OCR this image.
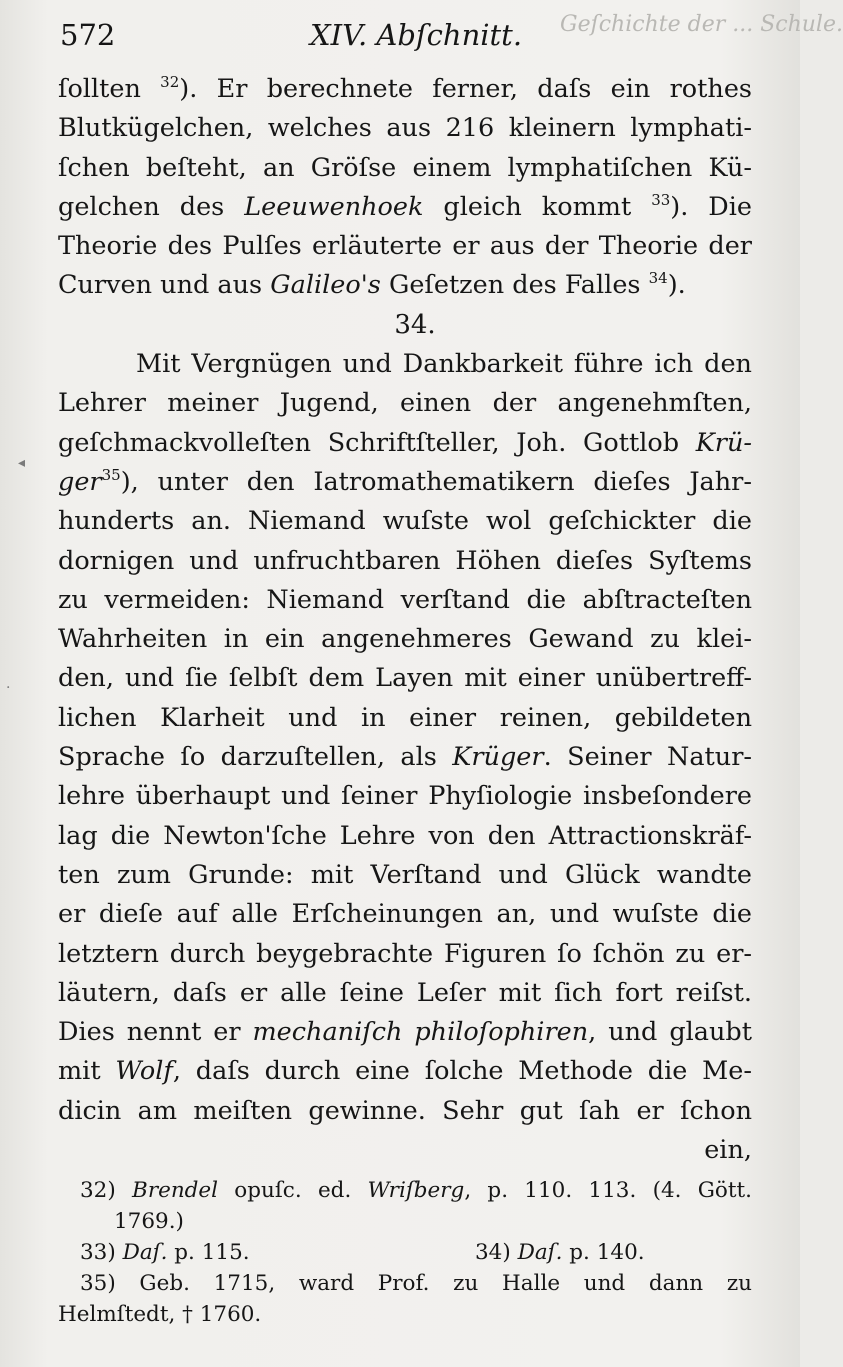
572	XIV. Abſchnitt. Geſchichte der ... Schule.
◂
·
ſollten $^{32}$). Er berechnete ferner, daſs ein rothes
Blutkügelchen, welches aus 216 kleinern lymphati-
ſchen beſteht, an Gröſse einem lymphatiſchen Kü-
gelchen des Leeuwenhoek gleich kommt $^{33}$). Die
Theorie des Pulſes erläuterte er aus der Theorie der
Curven und aus Galileo's Geſetzen des Falles $^{34}$).
34.
Mit Vergnügen und Dankbarkeit führe ich den
Lehrer meiner Jugend, einen der angenehmſten,
geſchmackvolleſten Schriftſteller, Joh. Gottlob Krü-
ger$^{35}$), unter den Iatromathematikern dieſes Jahr-
hunderts an. Niemand wuſste wol geſchickter die
dornigen und unfruchtbaren Höhen dieſes Syſtems
zu vermeiden: Niemand verſtand die abſtracteſten
Wahrheiten in ein angenehmeres Gewand zu klei-
den, und ſie ſelbſt dem Layen mit einer unübertreff-
lichen Klarheit und in einer reinen, gebildeten
Sprache ſo darzuſtellen, als Krüger. Seiner Natur-
lehre überhaupt und ſeiner Phyſiologie insbeſondere
lag die Newton'ſche Lehre von den Attractionskräf-
ten zum Grunde: mit Verſtand und Glück wandte
er dieſe auf alle Erſcheinungen an, und wuſste die
letztern durch beygebrachte Figuren ſo ſchön zu er-
läutern, daſs er alle ſeine Leſer mit ſich fort reiſst.
Dies nennt er mechaniſch philoſophiren, und glaubt
mit Wolf, daſs durch eine ſolche Methode die Me-
dicin am meiſten gewinne. Sehr gut ſah er ſchon
ein,
32) Brendel opuſc. ed. Wriſberg, p. 110. 113. (4. Gött.
1769.)
33) Daſ. p. 115.	34) Daſ. p. 140.
35) Geb. 1715, ward Prof. zu Halle und dann zu
Helmſtedt, † 1760.
